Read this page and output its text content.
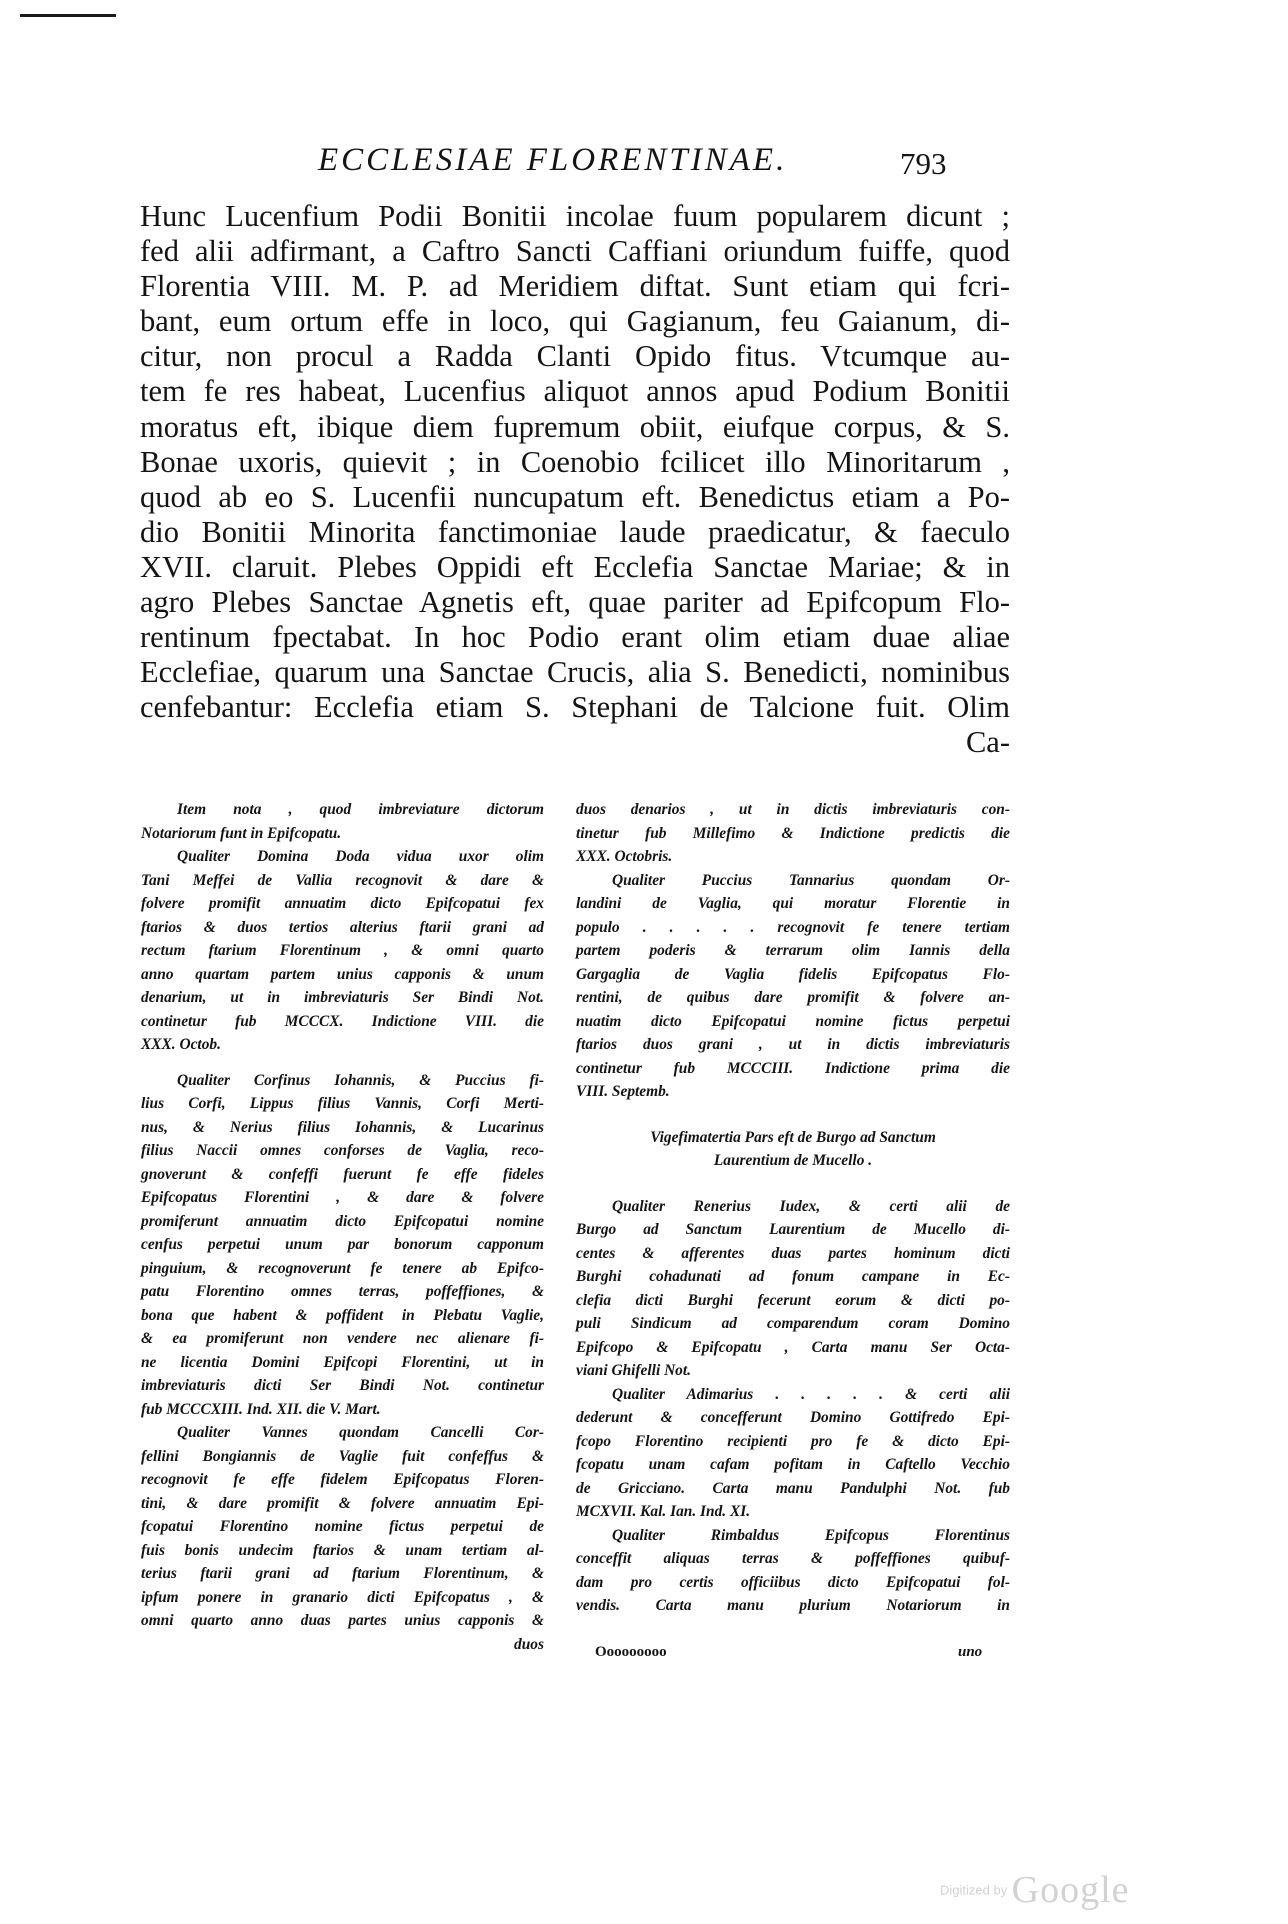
ECCLESIAE FLORENTINAE.	793
Hunc Lucenfium Podii Bonitii incolae fuum popularem dicunt ;
fed alii adfirmant, a Caftro Sancti Caffiani oriundum fuiffe, quod
Florentia VIII. M. P. ad Meridiem diftat. Sunt etiam qui fcri-
bant, eum ortum effe in loco, qui Gagianum, feu Gaianum, di-
citur, non procul a Radda Clanti Opido fitus. Vtcumque au-
tem fe res habeat, Lucenfius aliquot annos apud Podium Bonitii
moratus eft, ibique diem fupremum obiit, eiufque corpus, & S.
Bonae uxoris, quievit ; in Coenobio fcilicet illo Minoritarum ,
quod ab eo S. Lucenfii nuncupatum eft. Benedictus etiam a Po-
dio Bonitii Minorita fanctimoniae laude praedicatur, & faeculo
XVII. claruit. Plebes Oppidi eft Ecclefia Sanctae Mariae; & in
agro Plebes Sanctae Agnetis eft, quae pariter ad Epifcopum Flo-
rentinum fpectabat. In hoc Podio erant olim etiam duae aliae
Ecclefiae, quarum una Sanctae Crucis, alia S. Benedicti, nominibus
cenfebantur: Ecclefia etiam S. Stephani de Talcione fuit. Olim
Ca-
Item nota , quod imbreviature dictorum
Notariorum funt in Epifcopatu.
Qualiter Domina Doda vidua uxor olim
Tani Meffei de Vallia recognovit & dare &
folvere promifit annuatim dicto Epifcopatui fex
ftarios & duos tertios alterius ftarii grani ad
rectum ftarium Florentinum , & omni quarto
anno quartam partem unius capponis & unum
denarium, ut in imbreviaturis Ser Bindi Not.
continetur fub MCCCX. Indictione VIII. die
XXX. Octob.
Qualiter Corfinus Iohannis, & Puccius fi-
lius Corfi, Lippus filius Vannis, Corfi Merti-
nus, & Nerius filius Iohannis, & Lucarinus
filius Naccii omnes conforses de Vaglia, reco-
gnoverunt & confeffi fuerunt fe effe fideles
Epifcopatus Florentini , & dare & folvere
promiferunt annuatim dicto Epifcopatui nomine
cenfus perpetui unum par bonorum capponum
pinguium, & recognoverunt fe tenere ab Epifco-
patu Florentino omnes terras, poffeffiones, &
bona que habent & poffident in Plebatu Vaglie,
& ea promiferunt non vendere nec alienare fi-
ne licentia Domini Epifcopi Florentini, ut in
imbreviaturis dicti Ser Bindi Not. continetur
fub MCCCXIII. Ind. XII. die V. Mart.
Qualiter Vannes quondam Cancelli Cor-
fellini Bongiannis de Vaglie fuit confeffus &
recognovit fe effe fidelem Epifcopatus Floren-
tini, & dare promifit & folvere annuatim Epi-
fcopatui Florentino nomine fictus perpetui de
fuis bonis undecim ftarios & unam tertiam al-
terius ftarii grani ad ftarium Florentinum, &
ipfum ponere in granario dicti Epifcopatus , &
omni quarto anno duas partes unius capponis &
duos
duos denarios , ut in dictis imbreviaturis con-
tinetur fub Millefimo & Indictione predictis die
XXX. Octobris.
Qualiter Puccius Tannarius quondam Or-
landini de Vaglia, qui moratur Florentie in
populo . . . . . recognovit fe tenere tertiam
partem poderis & terrarum olim Iannis della
Gargaglia de Vaglia fidelis Epifcopatus Flo-
rentini, de quibus dare promifit & folvere an-
nuatim dicto Epifcopatui nomine fictus perpetui
ftarios duos grani , ut in dictis imbreviaturis
continetur fub MCCCIII. Indictione prima die
VIII. Septemb.
Vigefimatertia Pars eft de Burgo ad Sanctum
Laurentium de Mucello .
Qualiter Renerius Iudex, & certi alii de
Burgo ad Sanctum Laurentium de Mucello di-
centes & afferentes duas partes hominum dicti
Burghi cohadunati ad fonum campane in Ec-
clefia dicti Burghi fecerunt eorum & dicti po-
puli Sindicum ad comparendum coram Domino
Epifcopo & Epifcopatu , Carta manu Ser Octa-
viani Ghifelli Not.
Qualiter Adimarius . . . . . & certi alii
dederunt & concefferunt Domino Gottifredo Epi-
fcopo Florentino recipienti pro fe & dicto Epi-
fcopatu unam cafam pofitam in Caftello Vecchio
de Gricciano. Carta manu Pandulphi Not. fub
MCXVII. Kal. Ian. Ind. XI.
Qualiter Rimbaldus Epifcopus Florentinus
conceffit aliquas terras & poffeffiones quibuf-
dam pro certis officiibus dicto Epifcopatui fol-
vendis. Carta manu plurium Notariorum in
Ooooooooo	uno
Digitized by Google
